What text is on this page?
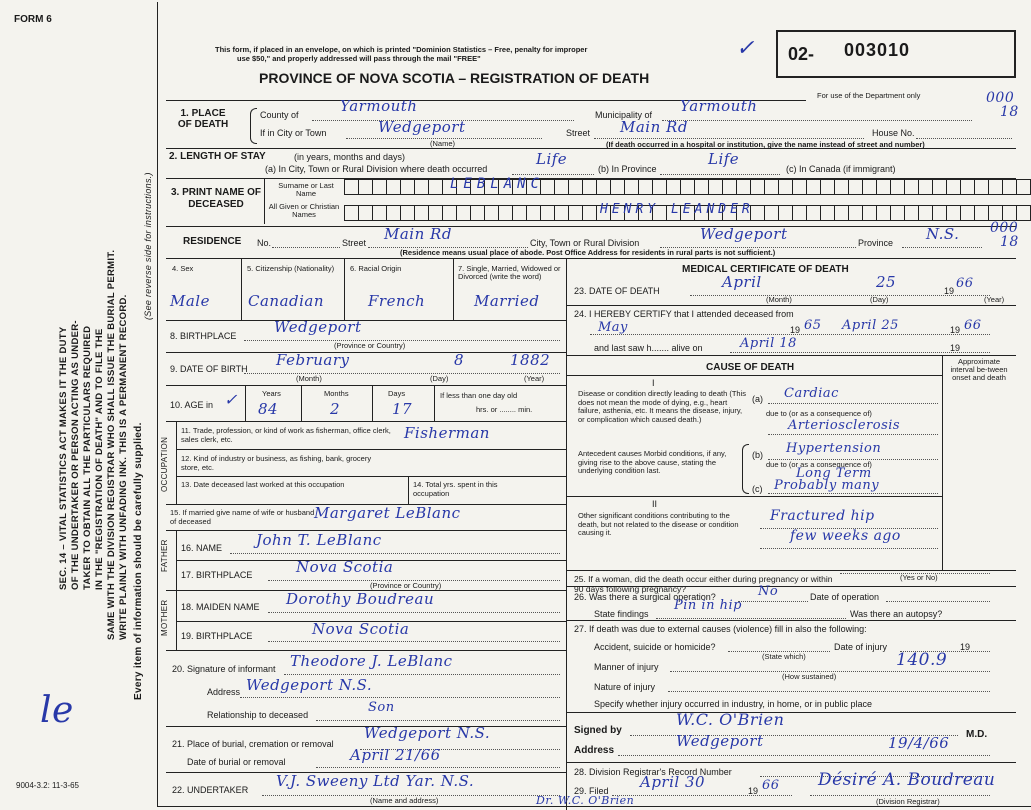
FORM 6
SEC. 14 – VITAL STATISTICS ACT MAKES IT THE DUTY OF THE UNDERTAKER OR PERSON ACTING AS UNDER- TAKER TO OBTAIN ALL THE PARTICULARS REQUIRED IN THE "REGISTRATION OF DEATH" AND TO FILE THE SAME WITH THE DIVISION REGISTRAR WHO SHALL ISSUE THE BURIAL PERMIT. WRITE PLAINLY WITH UNFADING INK. THIS IS A PERMANENT RECORD. Every item of information should be carefully supplied.
(See reverse side for instructions.)
le
9004-3.2: 11-3-65
This form, if placed in an envelope, on which is printed "Dominion Statistics – Free, penalty for improper
use $50," and properly addressed will pass through the mail "FREE"
PROVINCE OF NOVA SCOTIA – REGISTRATION OF DEATH
✓ 02- 003010
For use of the Department only	000
18
1. PLACE OF DEATH
County of	Yarmouth	Municipality of Yarmouth
If in City or Town	Wedgeport
(Name)
Street Main Rd	House No.
(If death occurred in a hospital or institution, give the name instead of street and number)
2. LENGTH OF STAY	(in years, months and days)
(a) In City, Town or Rural Division where death occurred
Life
(b) In Province
Life
(c) In Canada (if immigrant)
3. PRINT NAME OF DECEASED
Surname or Last Name
All Given or Christian Names
LEBLANC
HENRY LEANDER
RESIDENCE No.	Street Main Rd	City, Town or Rural Division	Wedgeport	Province N.S. 000
18
(Residence means usual place of abode. Post Office Address for residents in rural parts is not sufficient.)
4. Sex	5. Citizenship (Nationality)	6. Racial Origin	7. Single, Married, Widowed or Divorced (write the word)
Male	Canadian	French	Married
8. BIRTHPLACE	Wedgeport
(Province or Country)
9. DATE OF BIRTH February	8	1882
(Month)	(Day)	(Year)
10. AGE in ✓	Years	Months	Days
84	2	17
If less than one day old
hrs. or ........ min.
OCCUPATION
11. Trade, profession, or kind of work as fisherman, office clerk, sales clerk, etc.	Fisherman
12. Kind of industry or business, as fishing, bank, grocery store, etc.
13. Date deceased last worked at this occupation	14. Total yrs. spent in this occupation
15. If married give name of wife or husband of deceased	Margaret LeBlanc
FATHER
MOTHER
16. NAME John T. LeBlanc
17. BIRTHPLACE	Nova Scotia
(Province or Country)
18. MAIDEN NAME Dorothy Boudreau
19. BIRTHPLACE	Nova Scotia
20. Signature of informant Theodore J. LeBlanc
Address Wedgeport N.S.
Relationship to deceased	Son
21. Place of burial, cremation or removal
Wedgeport N.S.
Date of burial or removal	April 21/66
22. UNDERTAKER V.J. Sweeny Ltd Yar. N.S.
(Name and address)	Dr. W.C. O'Brien
MEDICAL CERTIFICATE OF DEATH
23. DATE OF DEATH	April	25	19 66
(Month)	(Day)	(Year)
24. I HEREBY CERTIFY that I attended deceased from
May	19 65 April 25	19 66
and last saw h....... alive on	April 18	19
CAUSE OF DEATH
Approximate interval be-tween onset and death
I
Disease or condition directly leading to death (This does not mean the mode of dying, e.g., heart failure, asthenia, etc. It means the disease, injury, or complication which caused death.)
(a) Cardiac
due to (or as a consequence of)
Arteriosclerosis
Antecedent causes Morbid conditions, if any, giving rise to the above cause, stating the underlying condition last.
(b) Hypertension
due to (or as a consequence of)
Long Term
(c) Probably many
II
Other significant conditions contributing to the death, but not related to the disease or condition causing it.
Fractured hip
few weeks ago
25. If a woman, did the death occur either during pregnancy or within 90 days following pregnancy?
(Yes or No)
26. Was there a surgical operation?	No	Date of operation
State findings
Pin in hip
Was there an autopsy?
27. If death was due to external causes (violence) fill in also the following:
Accident, suicide or homicide?
(State which)
Date of injury	19
Manner of injury	140.9
(How sustained)
Nature of injury
Specify whether injury occurred in industry, in home, or in public place
Signed by
W.C. O'Brien
M.D.
Address
Wedgeport	19/4/66
28. Division Registrar's Record Number
29. Filed April 30	19 66 Désiré A. Boudreau
(Division Registrar)
